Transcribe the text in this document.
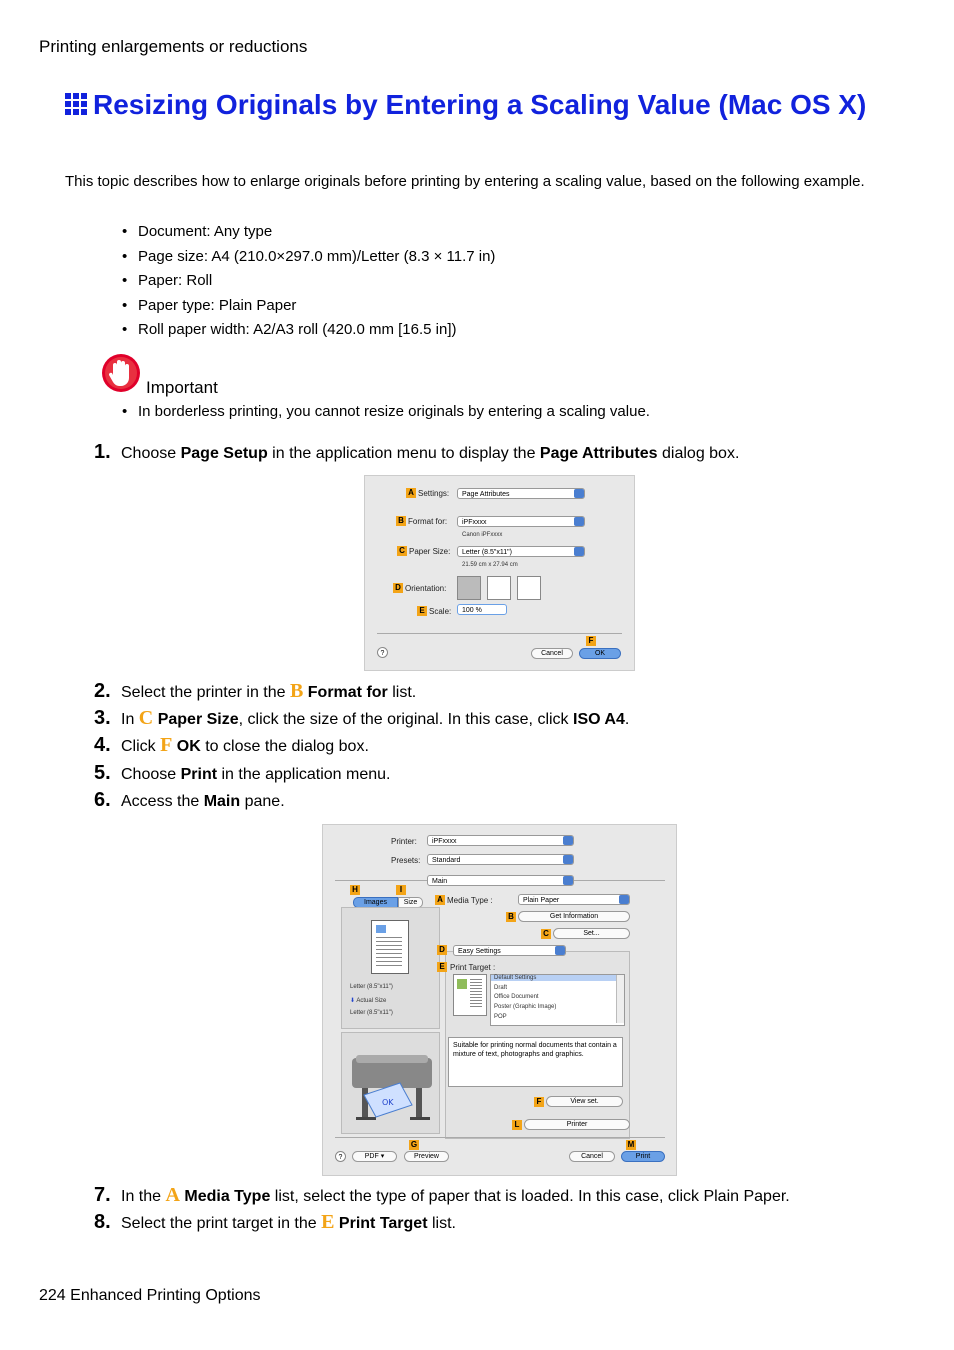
Printing enlargements or reductions
Resizing Originals by Entering a Scaling Value (Mac OS X)
This topic describes how to enlarge originals before printing by entering a scaling value, based on the following example.
• Document: Any type
• Page size: A4 (210.0×297.0 mm)/Letter (8.3 × 11.7 in)
• Paper: Roll
• Paper type: Plain Paper
• Roll paper width: A2/A3 roll (420.0 mm [16.5 in])
Important
• In borderless printing, you cannot resize originals by entering a scaling value.
1. Choose Page Setup in the application menu to display the Page Attributes dialog box.
A Settings:	Page Attributes
B Format for:	iPFxxxx
Canon iPFxxxx
C Paper Size:	Letter (8.5"x11")
21.59 cm x 27.94 cm
D Orientation:
E Scale:	100 %
F
?	Cancel	OK
2. Select the printer in the B Format for list.
3. In C Paper Size, click the size of the original. In this case, click ISO A4.
4. Click F OK to close the dialog box.
5. Choose Print in the application menu.
6. Access the Main pane.
Printer:	iPFxxxx
Presets:	Standard
Main
H	I
Images	Size
Letter (8.5"x11")
⬇ Actual Size
Letter (8.5"x11")
OK
A Media Type :	Plain Paper
B	Get Information
C	Set...
D	Easy Settings
E Print Target :
Default Settings
Draft
Office Document
Poster (Graphic Image)
POP
Suitable for printing normal documents that contain a mixture of text, photographs and graphics.
F	View set.
L	Printer
G	M
?	PDF ▾	Preview	Cancel	Print
7. In the A Media Type list, select the type of paper that is loaded. In this case, click Plain Paper.
8. Select the print target in the E Print Target list.
224 Enhanced Printing Options
